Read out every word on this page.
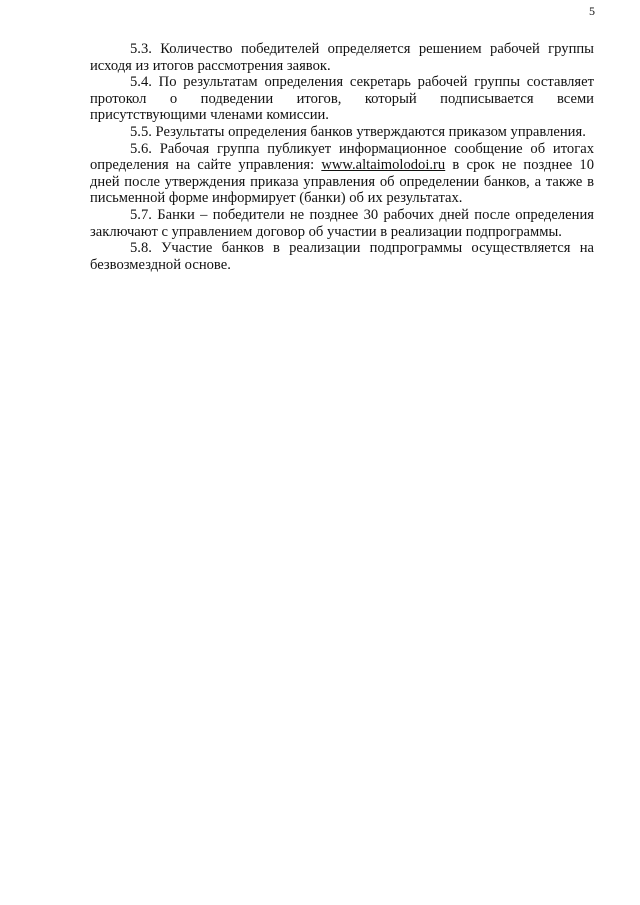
5

5.3. Количество победителей определяется решением рабочей группы исходя из итогов рассмотрения заявок.

5.4. По результатам определения секретарь рабочей группы составляет протокол о подведении итогов, который подписывается всеми присутствующими членами комиссии.

5.5. Результаты определения банков утверждаются приказом управления.

5.6. Рабочая группа публикует информационное сообщение об итогах определения на сайте управления: www.altaimolodoi.ru в срок не позднее 10 дней после утверждения приказа управления об определении банков, а также в письменной форме информирует (банки) об их результатах.

5.7. Банки – победители не позднее 30 рабочих дней после определения заключают с управлением договор об участии в реализации подпрограммы.

5.8. Участие банков в реализации подпрограммы осуществляется на безвозмездной основе.
